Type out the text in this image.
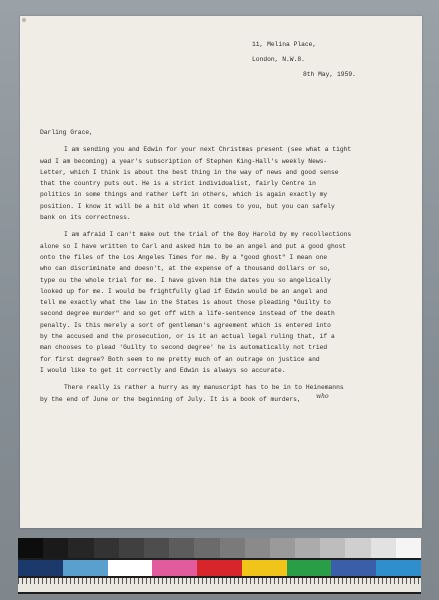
11, Melina Place,
London, N.W.8.
8th May, 1959.
Darling Grace,
I am sending you and Edwin for your next Christmas present (see what a tight
wad I am becoming) a year's subscription of Stephen King-Hall's weekly News-
Letter, which I think is about the best thing in the way of news and good sense
that the country puts out. He is a strict individualist, fairly Centre in
politics in some things and rather Left in others, which is again exactly my
position. I know it will be a bit old when it comes to you, but you can safely
bank on its correctness.
I am afraid I can't make out the trial of the Boy Harold by my recollections
alone so I have written to Carl and asked him to be an angel and put a good ghost
onto the files of the Los Angeles Times for me. By a "good ghost" I mean one
who can discriminate and doesn't, at the expense of a thousand dollars or so,
type ou the whole trial for me. I have given him the dates you so angelically
looked up for me. I would be frightfully glad if Edwin would be an angel and
tell me exactly what the law in the States is about those pleading "Guilty to
second degree murder" and so get off with a life-sentence instead of the death
penalty. Is this merely a sort of gentleman's agreement which is entered into
by the accused and the prosecution, or is it an actual legal ruling that, if a
man chooses to plead 'Guilty to second degree' he is automatically not tried
for first degree? Both seem to me pretty much of an outrage on justice and
I would like to get it correctly and Edwin is always so accurate.
There really is rather a hurry as my manuscript has to be in to Heinemanns
by the end of June or the beginning of July. It is a book of murders,	who
